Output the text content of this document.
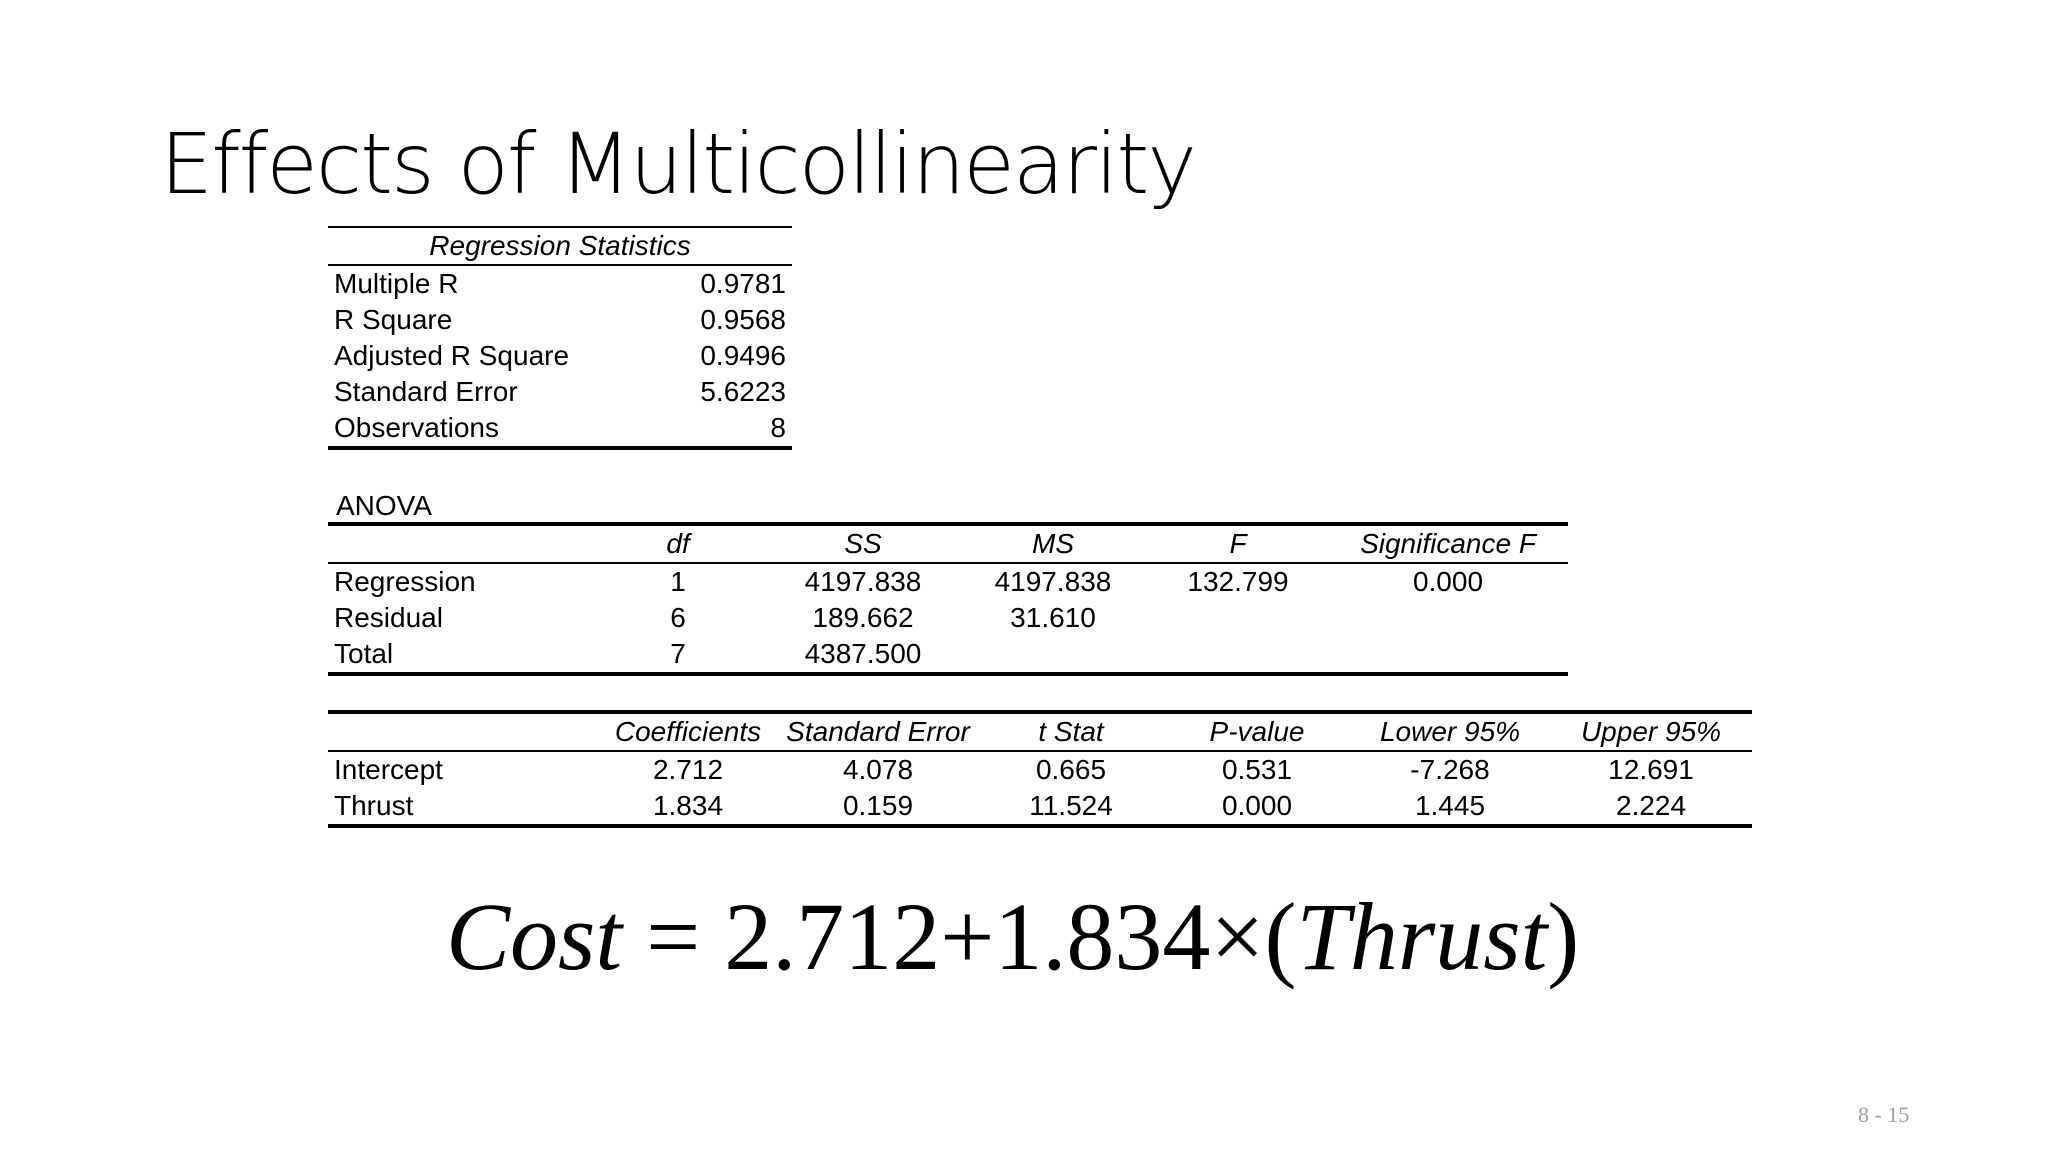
Effects of Multicollinearity
Regression Statistics	
Multiple R	0.9781
R Square	0.9568
Adjusted R Square	0.9496
Standard Error	5.6223
Observations	8
ANOVA
	df	SS	MS	F	Significance F
Regression	1	4197.838	4197.838	132.799	0.000
Residual	6	189.662	31.610		
Total	7	4387.500			
	Coefficients	Standard Error	t Stat	P-value	Lower 95%	Upper 95%
Intercept	2.712	4.078	0.665	0.531	-7.268	12.691
Thrust	1.834	0.159	11.524	0.000	1.445	2.224
Cost = 2.712+1.834×(Thrust)
8 - 15
